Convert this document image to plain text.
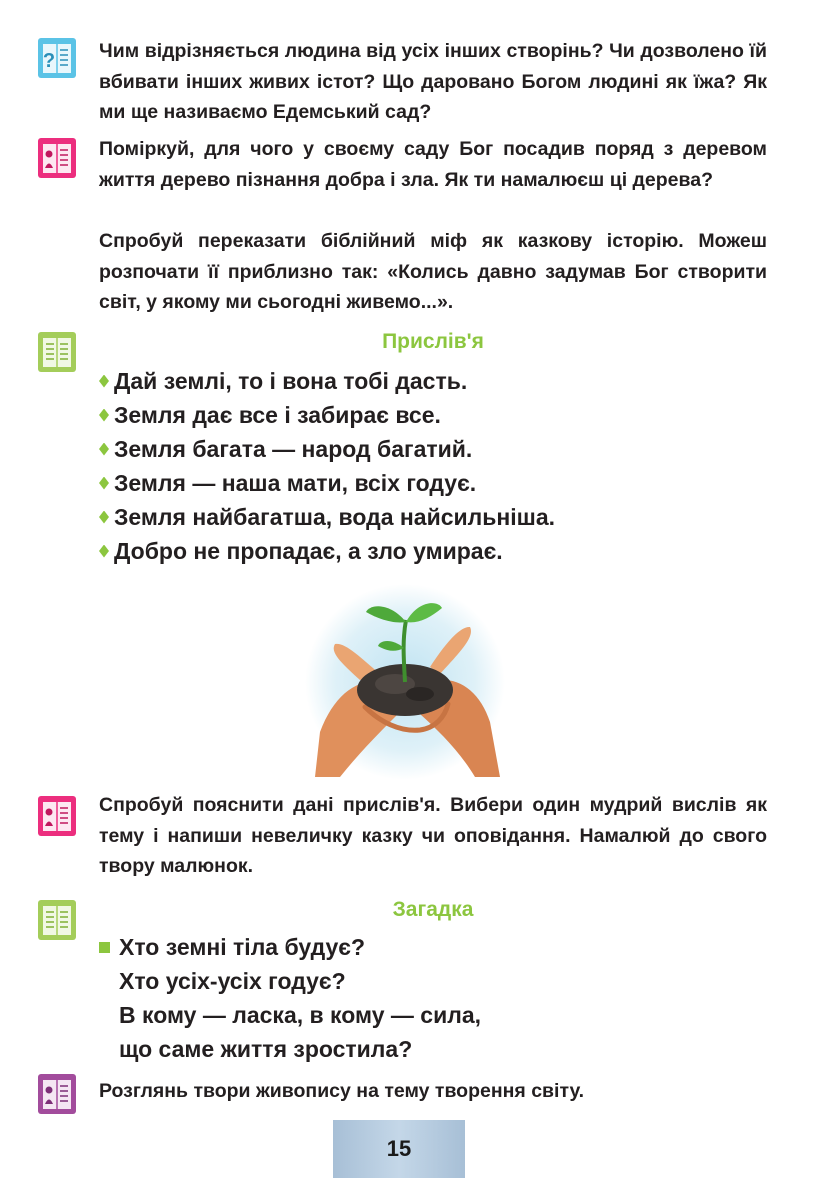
? Чим відрізняється людина від усіх інших створінь? Чи дозволено їй вбивати інших живих істот? Що даровано Богом людині як їжа? Як ми ще називаємо Едемський сад?

Поміркуй, для чого у своєму саду Бог посадив поряд з деревом життя дерево пізнання добра і зла. Як ти намалюєш ці дерева?

Спробуй переказати біблійний міф як казкову історію. Можеш розпочати її приблизно так: «Колись давно задумав Бог створити світ, у якому ми сьогодні живемо...».

Прислів'я
Дай землі, то і вона тобі дасть.
Земля дає все і забирає все.
Земля багата — народ багатий.
Земля — наша мати, всіх годує.
Земля найбагатша, вода найсильніша.
Добро не пропадає, а зло умирає.

Спробуй пояснити дані прислів'я. Вибери один мудрий вислів як тему і напиши невеличку казку чи оповідання. Намалюй до свого твору малюнок.

Загадка
Хто земні тіла будує?
Хто усіх-усіх годує?
В кому — ласка, в кому — сила,
що саме життя зростила?

Розглянь твори живопису на тему творення світу.

15
